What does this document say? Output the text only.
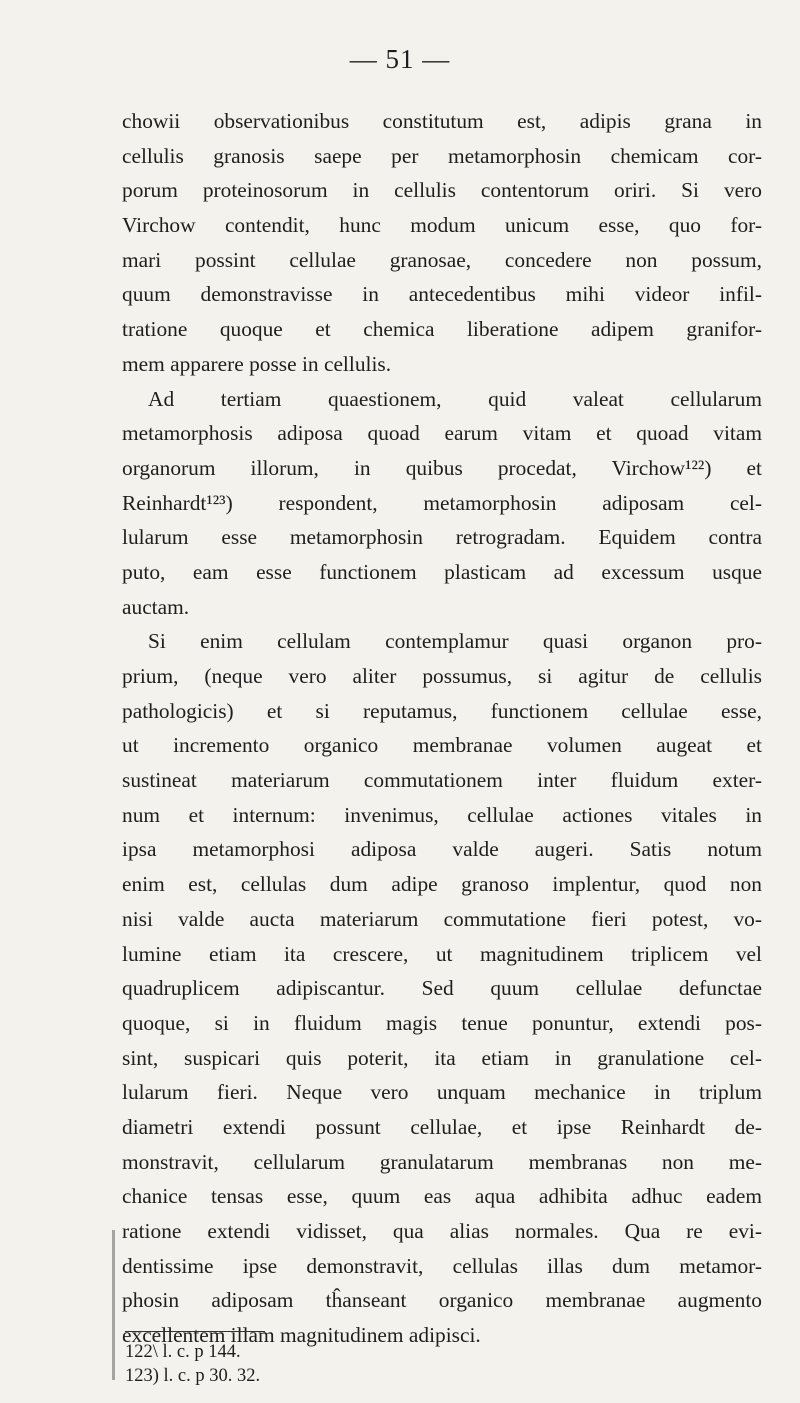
— 51 —

chowii observationibus constitutum est, adipis grana in
cellulis granosis saepe per metamorphosin chemicam cor-
porum proteinosorum in cellulis contentorum oriri. Si vero
Virchow contendit, hunc modum unicum esse, quo for-
mari possint cellulae granosae, concedere non possum,
quum demonstravisse in antecedentibus mihi videor infil-
tratione quoque et chemica liberatione adipem granifor-
mem apparere posse in cellulis.

Ad tertiam quaestionem, quid valeat cellularum
metamorphosis adiposa quoad earum vitam et quoad vitam
organorum illorum, in quibus procedat, Virchow¹²²) et
Reinhardt¹²³) respondent, metamorphosin adiposam cel-
lularum esse metamorphosin retrogradam. Equidem contra
puto, eam esse functionem plasticam ad excessum usque
auctam.

Si enim cellulam contemplamur quasi organon pro-
prium, (neque vero aliter possumus, si agitur de cellulis
pathologicis) et si reputamus, functionem cellulae esse,
ut incremento organico membranae volumen augeat et
sustineat materiarum commutationem inter fluidum exter-
num et internum: invenimus, cellulae actiones vitales in
ipsa metamorphosi adiposa valde augeri. Satis notum
enim est, cellulas dum adipe granoso implentur, quod non
nisi valde aucta materiarum commutatione fieri potest, vo-
lumine etiam ita crescere, ut magnitudinem triplicem vel
quadruplicem adipiscantur. Sed quum cellulae defunctae
quoque, si in fluidum magis tenue ponuntur, extendi pos-
sint, suspicari quis poterit, ita etiam in granulatione cel-
lularum fieri. Neque vero unquam mechanice in triplum
diametri extendi possunt cellulae, et ipse Reinhardt de-
monstravit, cellularum granulatarum membranas non me-
chanice tensas esse, quum eas aqua adhibita adhuc eadem
ratione extendi vidisset, qua alias normales. Qua re evi-
dentissime ipse demonstravit, cellulas illas dum metamor-
phosin adiposam tĥanseant organico membranae augmento
excellentem illam magnitudinem adipisci.

122\ l. c. p 144.
123) l. c. p 30. 32.
